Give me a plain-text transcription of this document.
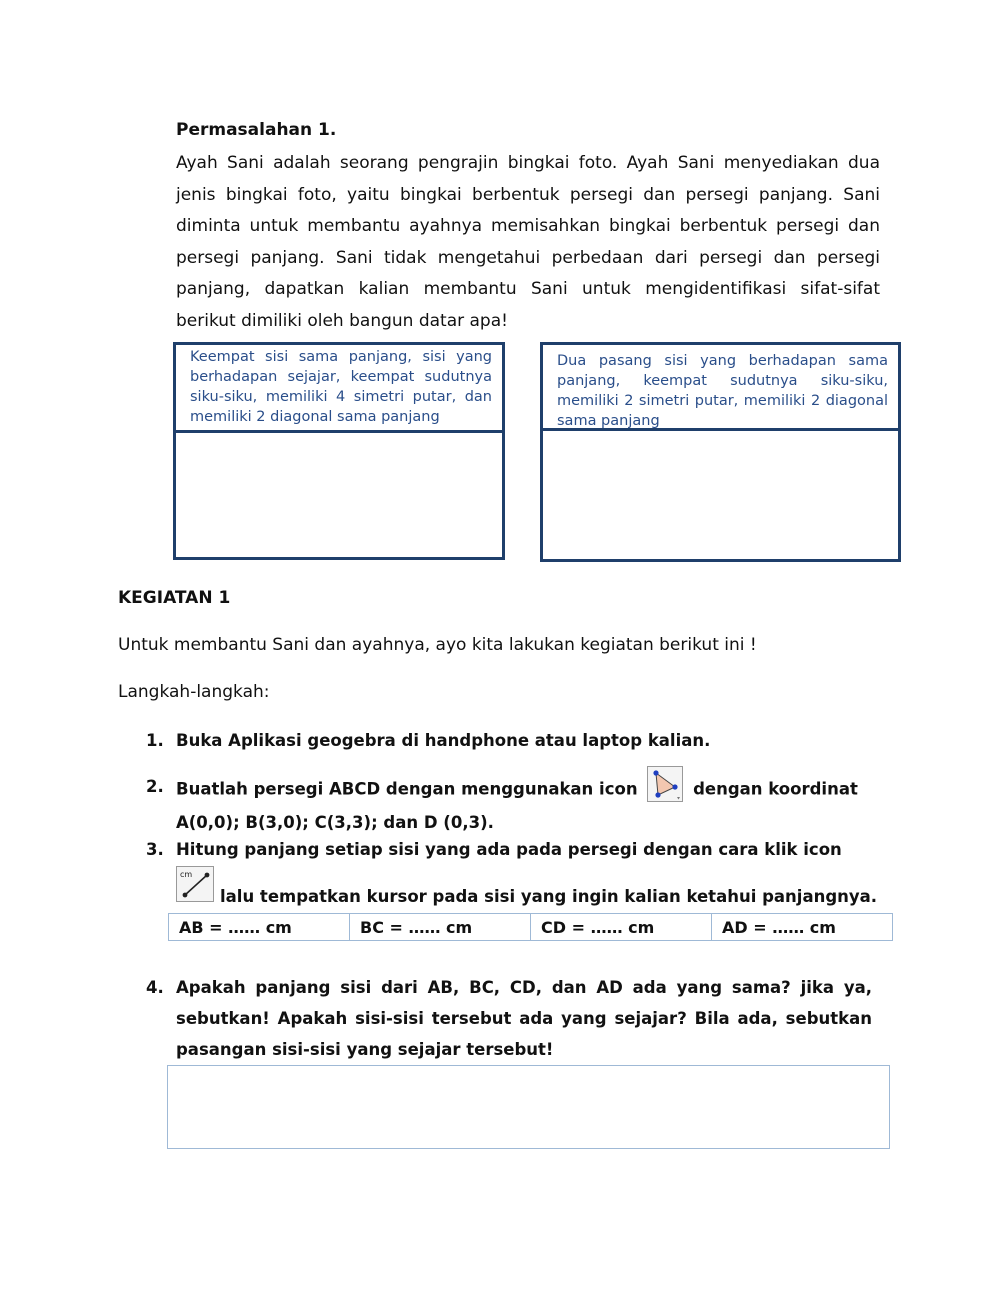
Permasalahan 1.
Ayah Sani adalah seorang pengrajin bingkai foto. Ayah Sani menyediakan dua
jenis bingkai foto, yaitu bingkai berbentuk persegi dan persegi panjang. Sani
diminta untuk membantu ayahnya memisahkan bingkai berbentuk persegi dan
persegi panjang. Sani tidak mengetahui perbedaan dari persegi dan persegi
panjang, dapatkan kalian membantu Sani untuk mengidentifikasi sifat-sifat
berikut dimiliki oleh bangun datar apa!
Keempat sisi sama panjang, sisi yang berhadapan sejajar, keempat sudutnya siku-siku, memiliki 4 simetri putar, dan memiliki 2 diagonal sama panjang
Dua pasang sisi yang berhadapan sama panjang, keempat sudutnya siku-siku, memiliki 2 simetri putar, memiliki 2 diagonal sama panjang
KEGIATAN 1
Untuk membantu Sani dan ayahnya, ayo kita lakukan kegiatan berikut ini !
Langkah-langkah:
1. Buka Aplikasi geogebra di handphone atau laptop kalian.
2. Buatlah persegi ABCD dengan menggunakan icon	dengan koordinat
A(0,0); B(3,0); C(3,3); dan D (0,3).
3. Hitung panjang setiap sisi yang ada pada persegi dengan cara klik icon
cm
lalu tempatkan kursor pada sisi yang ingin kalian ketahui panjangnya.
AB = …… cm	BC = …… cm	CD = …… cm	AD = …… cm
4. Apakah panjang sisi dari AB, BC, CD, dan AD ada yang sama? jika ya,
sebutkan! Apakah sisi-sisi tersebut ada yang sejajar? Bila ada, sebutkan
pasangan sisi-sisi yang sejajar tersebut!
